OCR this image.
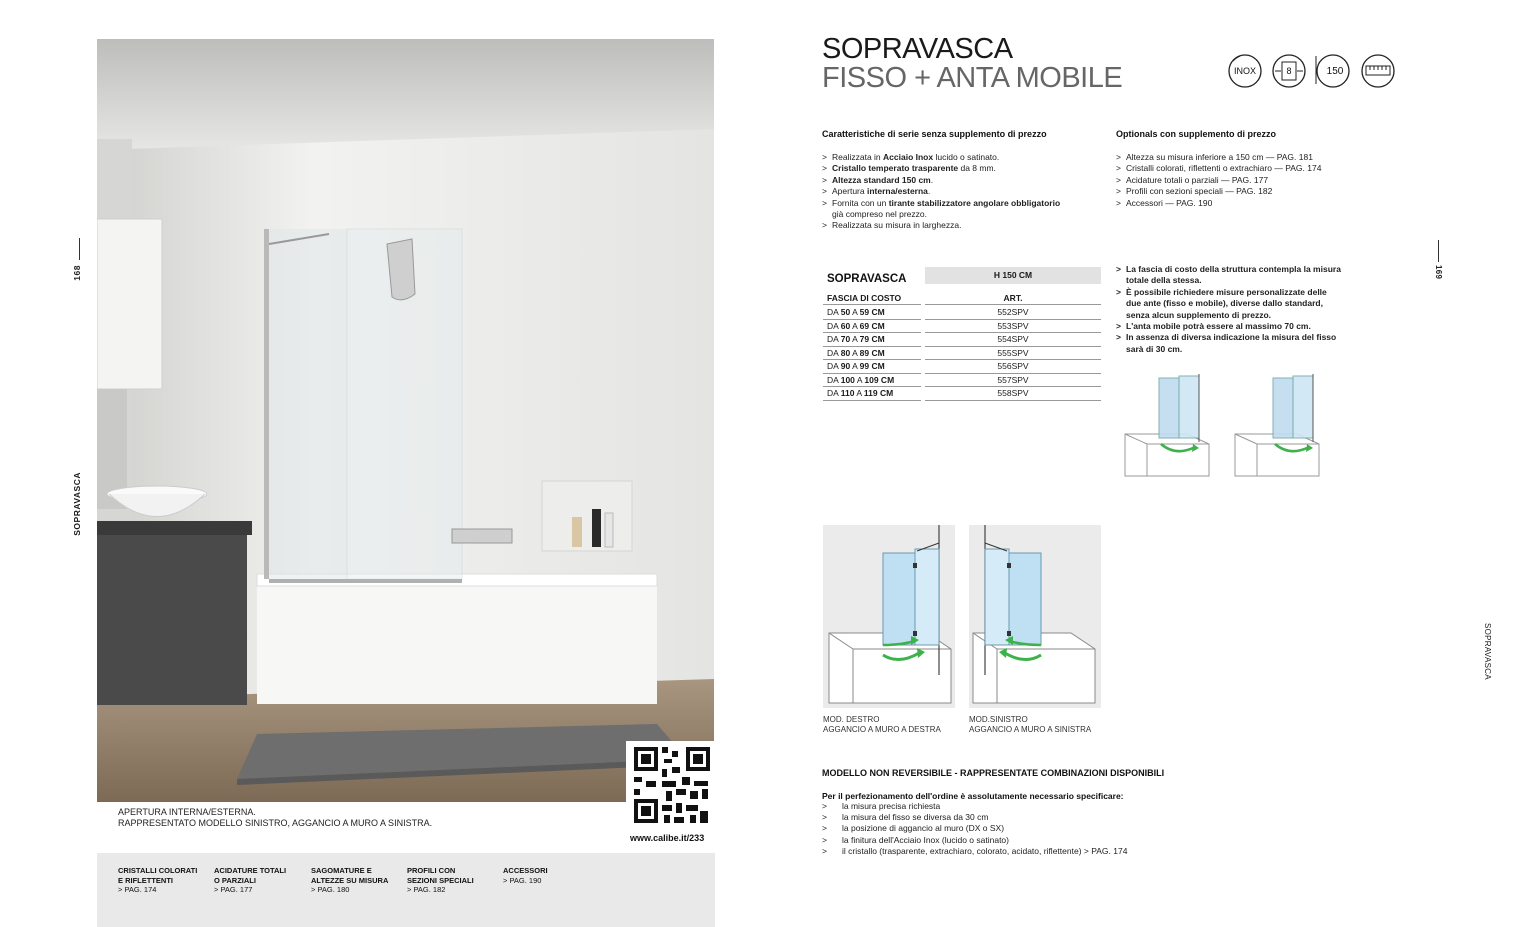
168
SOPRAVASCA
APERTURA INTERNA/ESTERNA.
RAPPRESENTATO MODELLO SINISTRO, AGGANCIO A MURO A SINISTRA.
www.calibe.it/233
CRISTALLI COLORATI
E RIFLETTENTI
> PAG. 174
ACIDATURE TOTALI
O PARZIALI
> PAG. 177
SAGOMATURE E
ALTEZZE SU MISURA
> PAG. 180
PROFILI CON
SEZIONI SPECIALI
> PAG. 182
ACCESSORI
> PAG. 190
SOPRAVASCA
FISSO + ANTA MOBILE	INOX	8	150
Caratteristiche di serie senza supplemento di prezzo
> Realizzata in Acciaio Inox lucido o satinato.
> Cristallo temperato trasparente da 8 mm.
> Altezza standard 150 cm.
> Apertura interna/esterna.
> Fornita con un tirante stabilizzatore angolare obbligatorio
già compreso nel prezzo.
> Realizzata su misura in larghezza.
Optionals con supplemento di prezzo
> Altezza su misura inferiore a 150 cm — PAG. 181
> Cristalli colorati, riflettenti o extrachiaro — PAG. 174
> Acidature totali o parziali — PAG. 177
> Profili con sezioni speciali — PAG. 182
> Accessori — PAG. 190
SOPRAVASCA	H 150 CM
FASCIA DI COSTO	ART.
DA 50 A 59 CM	552SPV
DA 60 A 69 CM	553SPV
DA 70 A 79 CM	554SPV
DA 80 A 89 CM	555SPV
DA 90 A 99 CM	556SPV
DA 100 A 109 CM	557SPV
DA 110 A 119 CM	558SPV
> La fascia di costo della struttura contempla la misura
totale della stessa.
> È possibile richiedere misure personalizzate delle
due ante (fisso e mobile), diverse dallo standard,
senza alcun supplemento di prezzo.
> L'anta mobile potrà essere al massimo 70 cm.
> In assenza di diversa indicazione la misura del fisso
sarà di 30 cm.
MOD. DESTRO
AGGANCIO A MURO A DESTRA
MOD.SINISTRO
AGGANCIO A MURO A SINISTRA
MODELLO NON REVERSIBILE - RAPPRESENTATE COMBINAZIONI DISPONIBILI
Per il perfezionamento dell'ordine è assolutamente necessario specificare:
> la misura precisa richiesta
> la misura del fisso se diversa da 30 cm
> la posizione di aggancio al muro (DX o SX)
> la finitura dell'Acciaio Inox (lucido o satinato)
> il cristallo (trasparente, extrachiaro, colorato, acidato, riflettente) > PAG. 174
169
SOPRAVASCA
